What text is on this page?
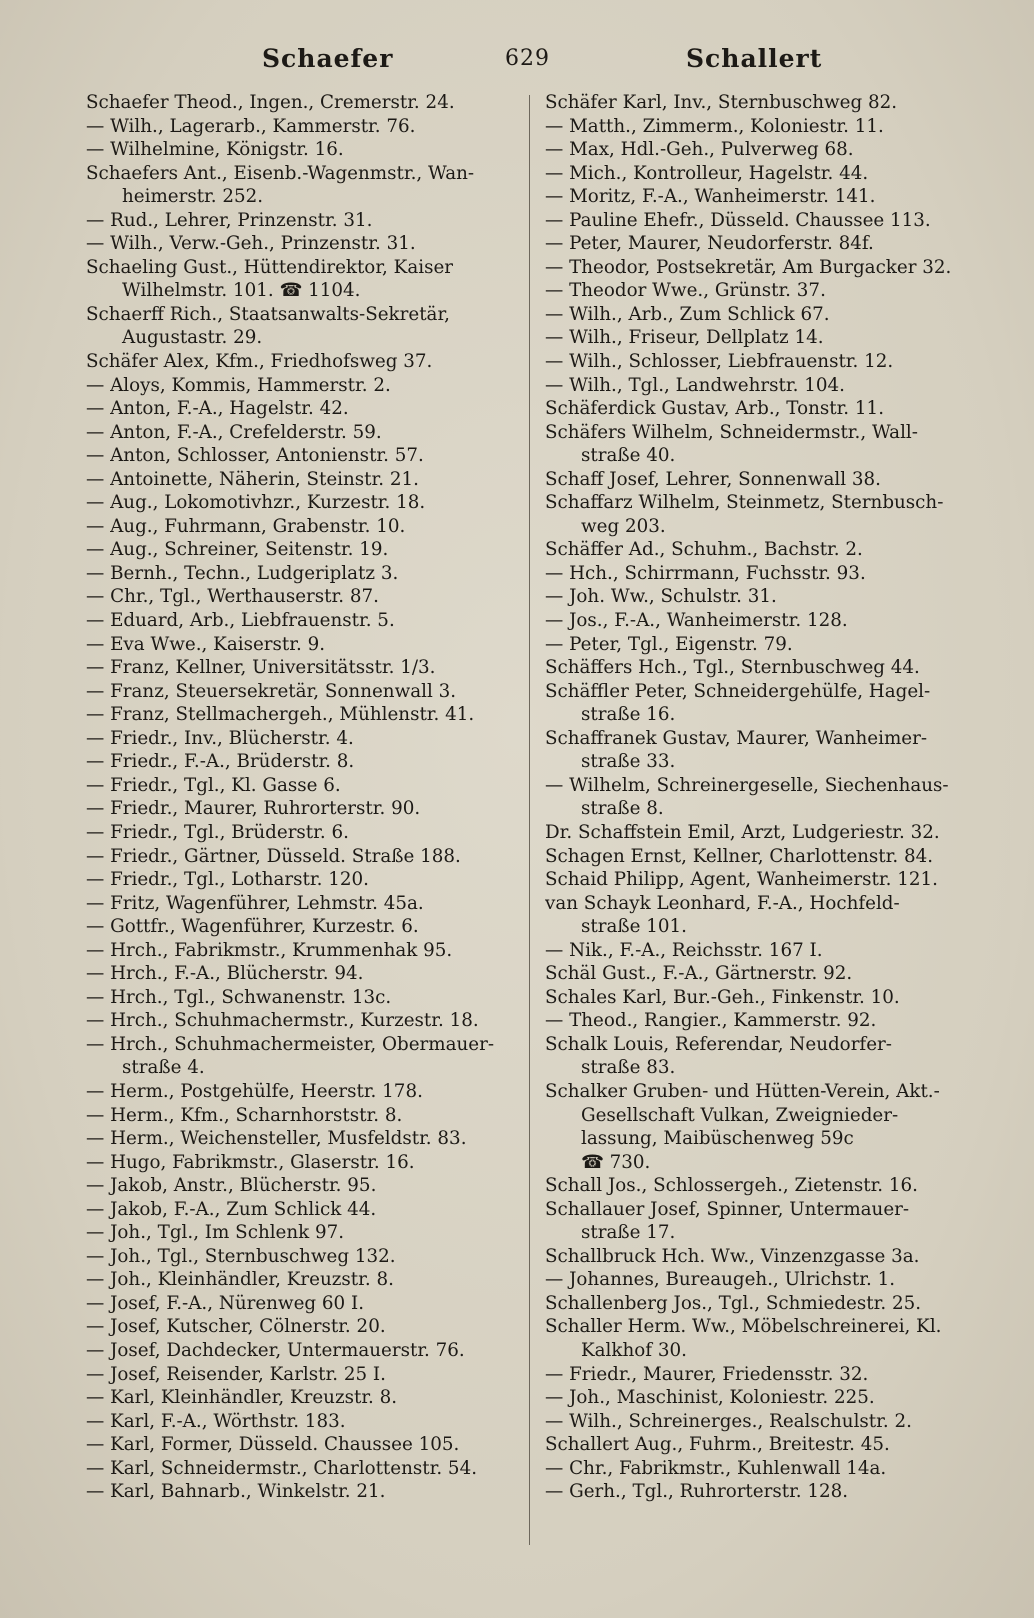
Schaefer	629	Schallert
Schaefer Theod., Ingen., Cremerstr. 24.
— Wilh., Lagerarb., Kammerstr. 76.
— Wilhelmine, Königstr. 16.
Schaefers Ant., Eisenb.-Wagenmstr., Wan-
heimerstr. 252.
— Rud., Lehrer, Prinzenstr. 31.
— Wilh., Verw.-Geh., Prinzenstr. 31.
Schaeling Gust., Hüttendirektor, Kaiser
Wilhelmstr. 101. ☎ 1104.
Schaerff Rich., Staatsanwalts-Sekretär,
Augustastr. 29.
Schäfer Alex, Kfm., Friedhofsweg 37.
— Aloys, Kommis, Hammerstr. 2.
— Anton, F.-A., Hagelstr. 42.
— Anton, F.-A., Crefelderstr. 59.
— Anton, Schlosser, Antonienstr. 57.
— Antoinette, Näherin, Steinstr. 21.
— Aug., Lokomotivhzr., Kurzestr. 18.
— Aug., Fuhrmann, Grabenstr. 10.
— Aug., Schreiner, Seitenstr. 19.
— Bernh., Techn., Ludgeriplatz 3.
— Chr., Tgl., Werthauserstr. 87.
— Eduard, Arb., Liebfrauenstr. 5.
— Eva Wwe., Kaiserstr. 9.
— Franz, Kellner, Universitätsstr. 1/3.
— Franz, Steuersekretär, Sonnenwall 3.
— Franz, Stellmachergeh., Mühlenstr. 41.
— Friedr., Inv., Blücherstr. 4.
— Friedr., F.-A., Brüderstr. 8.
— Friedr., Tgl., Kl. Gasse 6.
— Friedr., Maurer, Ruhrorterstr. 90.
— Friedr., Tgl., Brüderstr. 6.
— Friedr., Gärtner, Düsseld. Straße 188.
— Friedr., Tgl., Lotharstr. 120.
— Fritz, Wagenführer, Lehmstr. 45a.
— Gottfr., Wagenführer, Kurzestr. 6.
— Hrch., Fabrikmstr., Krummenhak 95.
— Hrch., F.-A., Blücherstr. 94.
— Hrch., Tgl., Schwanenstr. 13c.
— Hrch., Schuhmachermstr., Kurzestr. 18.
— Hrch., Schuhmachermeister, Obermauer-
straße 4.
— Herm., Postgehülfe, Heerstr. 178.
— Herm., Kfm., Scharnhorststr. 8.
— Herm., Weichensteller, Musfeldstr. 83.
— Hugo, Fabrikmstr., Glaserstr. 16.
— Jakob, Anstr., Blücherstr. 95.
— Jakob, F.-A., Zum Schlick 44.
— Joh., Tgl., Im Schlenk 97.
— Joh., Tgl., Sternbuschweg 132.
— Joh., Kleinhändler, Kreuzstr. 8.
— Josef, F.-A., Nürenweg 60 I.
— Josef, Kutscher, Cölnerstr. 20.
— Josef, Dachdecker, Untermauerstr. 76.
— Josef, Reisender, Karlstr. 25 I.
— Karl, Kleinhändler, Kreuzstr. 8.
— Karl, F.-A., Wörthstr. 183.
— Karl, Former, Düsseld. Chaussee 105.
— Karl, Schneidermstr., Charlottenstr. 54.
— Karl, Bahnarb., Winkelstr. 21.
Schäfer Karl, Inv., Sternbuschweg 82.
— Matth., Zimmerm., Koloniestr. 11.
— Max, Hdl.-Geh., Pulverweg 68.
— Mich., Kontrolleur, Hagelstr. 44.
— Moritz, F.-A., Wanheimerstr. 141.
— Pauline Ehefr., Düsseld. Chaussee 113.
— Peter, Maurer, Neudorferstr. 84f.
— Theodor, Postsekretär, Am Burgacker 32.
— Theodor Wwe., Grünstr. 37.
— Wilh., Arb., Zum Schlick 67.
— Wilh., Friseur, Dellplatz 14.
— Wilh., Schlosser, Liebfrauenstr. 12.
— Wilh., Tgl., Landwehrstr. 104.
Schäferdick Gustav, Arb., Tonstr. 11.
Schäfers Wilhelm, Schneidermstr., Wall-
straße 40.
Schaff Josef, Lehrer, Sonnenwall 38.
Schaffarz Wilhelm, Steinmetz, Sternbusch-
weg 203.
Schäffer Ad., Schuhm., Bachstr. 2.
— Hch., Schirrmann, Fuchsstr. 93.
— Joh. Ww., Schulstr. 31.
— Jos., F.-A., Wanheimerstr. 128.
— Peter, Tgl., Eigenstr. 79.
Schäffers Hch., Tgl., Sternbuschweg 44.
Schäffler Peter, Schneidergehülfe, Hagel-
straße 16.
Schaffranek Gustav, Maurer, Wanheimer-
straße 33.
— Wilhelm, Schreinergeselle, Siechenhaus-
straße 8.
Dr. Schaffstein Emil, Arzt, Ludgeriestr. 32.
Schagen Ernst, Kellner, Charlottenstr. 84.
Schaid Philipp, Agent, Wanheimerstr. 121.
van Schayk Leonhard, F.-A., Hochfeld-
straße 101.
— Nik., F.-A., Reichsstr. 167 I.
Schäl Gust., F.-A., Gärtnerstr. 92.
Schales Karl, Bur.-Geh., Finkenstr. 10.
— Theod., Rangier., Kammerstr. 92.
Schalk Louis, Referendar, Neudorfer-
straße 83.
Schalker Gruben- und Hütten-Verein, Akt.-
Gesellschaft Vulkan, Zweignieder-
lassung, Maibüschenweg 59c
☎ 730.
Schall Jos., Schlossergeh., Zietenstr. 16.
Schallauer Josef, Spinner, Untermauer-
straße 17.
Schallbruck Hch. Ww., Vinzenzgasse 3a.
— Johannes, Bureaugeh., Ulrichstr. 1.
Schallenberg Jos., Tgl., Schmiedestr. 25.
Schaller Herm. Ww., Möbelschreinerei, Kl.
Kalkhof 30.
— Friedr., Maurer, Friedensstr. 32.
— Joh., Maschinist, Koloniestr. 225.
— Wilh., Schreinerges., Realschulstr. 2.
Schallert Aug., Fuhrm., Breitestr. 45.
— Chr., Fabrikmstr., Kuhlenwall 14a.
— Gerh., Tgl., Ruhrorterstr. 128.
